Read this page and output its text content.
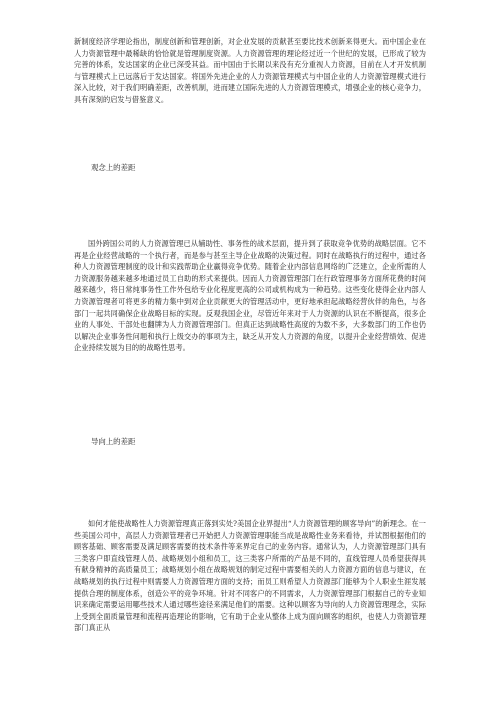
新制度经济学理论指出，制度创新和管理创新，对企业发展的贡献甚至要比技术创新来得更大。而中国企业在人力资源管理中最稀缺的恰恰就是管理制度资源。人力资源管理的理论经过近一个世纪的发展，已形成了较为完善的体系，发达国家的企业已深受其益。而中国由于长期以来没有充分重视人力资源，目前在人才开发机制与管理模式上已远落后于发达国家。将国外先进企业的人力资源管理模式与中国企业的人力资源管理模式进行深入比较，对于我们明确差距，改善机制，进而建立国际先进的人力资源管理模式，增强企业的核心竞争力，具有深刻的启发与借鉴意义。

观念上的差距

国外跨国公司的人力资源管理已从辅助性、事务性的战术层面，提升到了获取竞争优势的战略层面。它不再是企业经营战略的一个执行者，而是参与甚至主导企业战略的决策过程。同时在战略执行的过程中，通过各种人力资源管理制度的设计和实践帮助企业赢得竞争优势。随着企业内部信息网络的广泛建立，企业所需的人力资源服务越来越多地通过员工自助的形式来提供。因而人力资源管理部门在行政管理事务方面所花费的时间越来越少，将日常纯事务性工作外包给专业化程度更高的公司或机构成为一种趋势。这些变化使得企业内部人力资源管理者可将更多的精力集中到对企业贡献更大的管理活动中，更好地承担起战略经营伙伴的角色，与各部门一起共同确保企业战略目标的实现。反观我国企业，尽管近年来对于人力资源的认识在不断提高，很多企业的人事处、干部处也翻牌为人力资源管理部门。但真正达到战略性高度的为数不多，大多数部门的工作也仍以解决企业事务性问题和执行上级交办的事项为主，缺乏从开发人力资源的角度，以提升企业经营绩效、促进企业持续发展为目的的战略性思考。

导向上的差距

如何才能使战略性人力资源管理真正落到实处?美国企业界提出“人力资源管理的顾客导向”的新理念。在一些美国公司中，高层人力资源管理者已开始把人力资源管理职能当成是战略性业务来看待，并试图根据他们的顾客基础、顾客需要及满足顾客需要的技术条件等来界定自己的业务内容。通常认为，人力资源管理部门具有三类客户即直线管理人员、战略规划小组和员工，这三类客户所需的产品是不同的，直线管理人员希望获得具有献身精神的高质量员工；战略规划小组在战略规划的制定过程中需要相关的人力资源方面的信息与建议，在战略规划的执行过程中则需要人力资源管理方面的支持；而员工则希望人力资源部门能够为个人职业生涯发展提供合理的制度体系，创造公平的竞争环境。针对不同客户的不同需求，人力资源管理部门根据自己的专业知识来确定需要运用哪些技术人通过哪些途径来满足他们的需要。这种以顾客为导向的人力资源管理理念，实际上受到全面质量管理和流程再造理论的影响，它有助于企业从整体上成为面向顾客的组织，也使人力资源管理部门真正从
